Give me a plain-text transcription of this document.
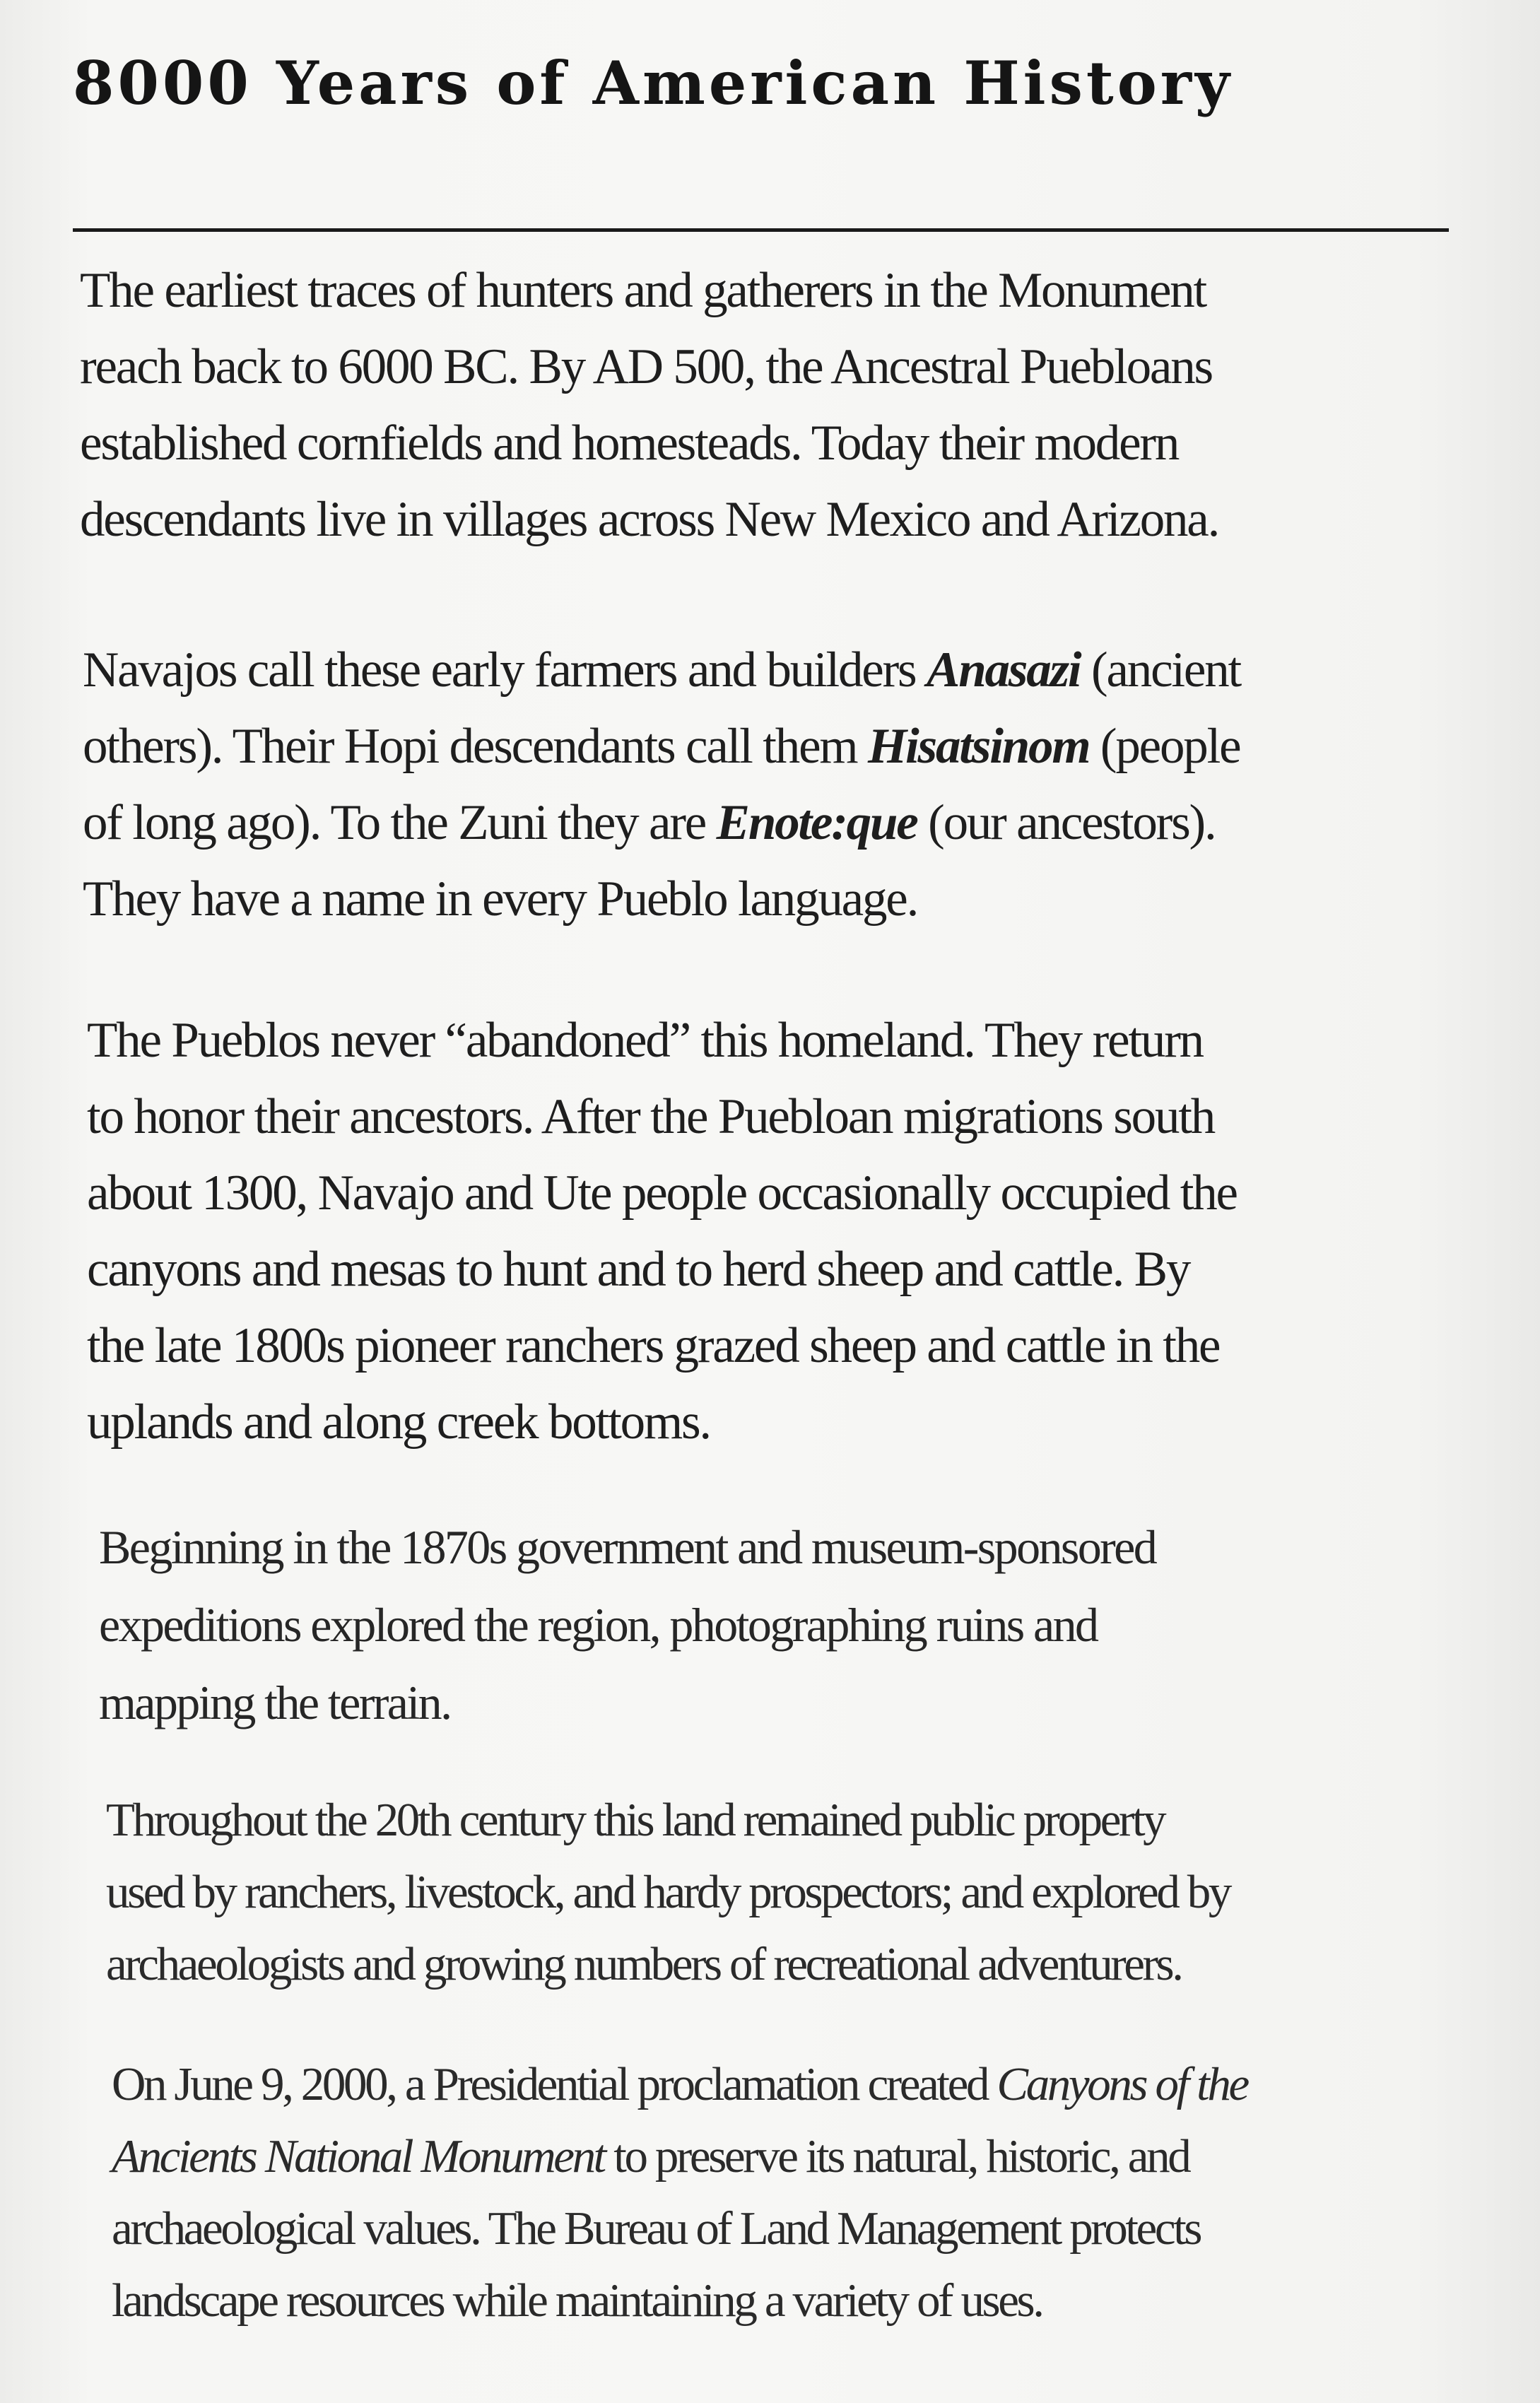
8000 Years of American History
The earliest traces of hunters and gatherers in the Monument
reach back to 6000 BC. By AD 500, the Ancestral Puebloans
established cornfields and homesteads. Today their modern
descendants live in villages across New Mexico and Arizona.
Navajos call these early farmers and builders Anasazi (ancient
others). Their Hopi descendants call them Hisatsinom (people
of long ago). To the Zuni they are Enote:que (our ancestors).
They have a name in every Pueblo language.
The Pueblos never “abandoned” this homeland. They return
to honor their ancestors. After the Puebloan migrations south
about 1300, Navajo and Ute people occasionally occupied the
canyons and mesas to hunt and to herd sheep and cattle. By
the late 1800s pioneer ranchers grazed sheep and cattle in the
uplands and along creek bottoms.
Beginning in the 1870s government and museum-sponsored
expeditions explored the region, photographing ruins and
mapping the terrain.
Throughout the 20th century this land remained public property
used by ranchers, livestock, and hardy prospectors; and explored by
archaeologists and growing numbers of recreational adventurers.
On June 9, 2000, a Presidential proclamation created Canyons of the
Ancients National Monument to preserve its natural, historic, and
archaeological values. The Bureau of Land Management protects
landscape resources while maintaining a variety of uses.
